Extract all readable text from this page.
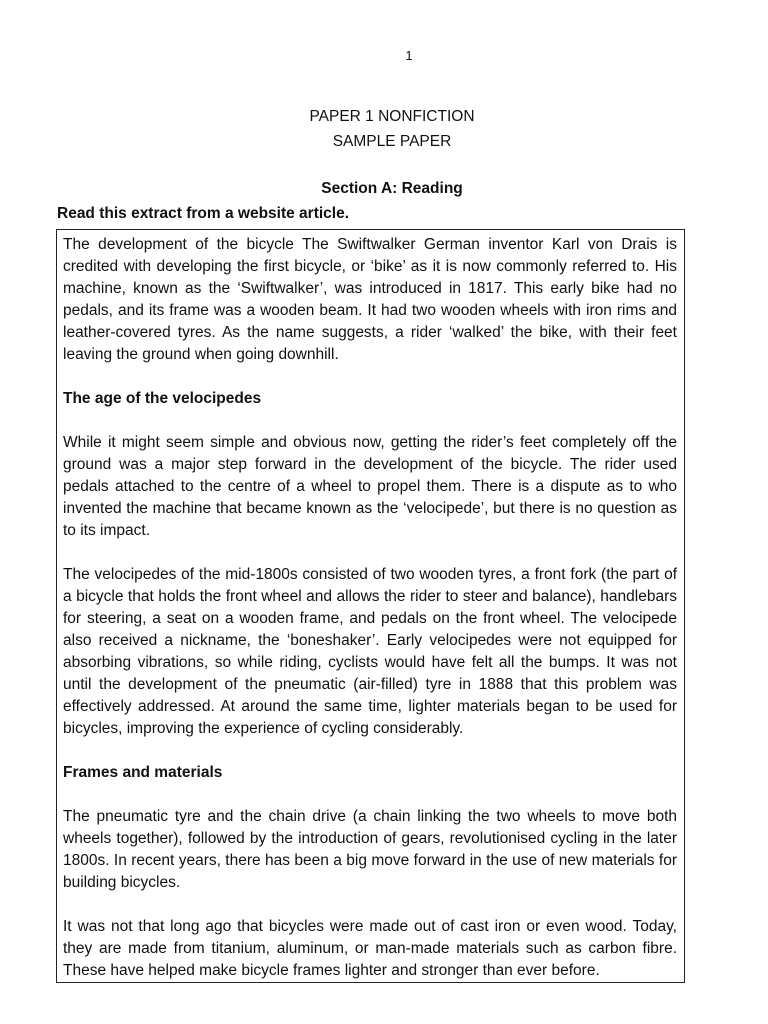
1
PAPER 1 NONFICTION
SAMPLE PAPER
Section A: Reading
Read this extract from a website article.

The development of the bicycle The Swiftwalker German inventor Karl von Drais is credited with developing the first bicycle, or ‘bike’ as it is now commonly referred to. His machine, known as the ‘Swiftwalker’, was introduced in 1817. This early bike had no pedals, and its frame was a wooden beam. It had two wooden wheels with iron rims and leather-covered tyres. As the name suggests, a rider ‘walked’ the bike, with their feet leaving the ground when going downhill.

The age of the velocipedes

While it might seem simple and obvious now, getting the rider’s feet completely off the ground was a major step forward in the development of the bicycle. The rider used pedals attached to the centre of a wheel to propel them. There is a dispute as to who invented the machine that became known as the ‘velocipede’, but there is no question as to its impact.

The velocipedes of the mid-1800s consisted of two wooden tyres, a front fork (the part of a bicycle that holds the front wheel and allows the rider to steer and balance), handlebars for steering, a seat on a wooden frame, and pedals on the front wheel. The velocipede also received a nickname, the ‘boneshaker’. Early velocipedes were not equipped for absorbing vibrations, so while riding, cyclists would have felt all the bumps. It was not until the development of the pneumatic (air-filled) tyre in 1888 that this problem was effectively addressed. At around the same time, lighter materials began to be used for bicycles, improving the experience of cycling considerably.

Frames and materials

The pneumatic tyre and the chain drive (a chain linking the two wheels to move both wheels together), followed by the introduction of gears, revolutionised cycling in the later 1800s. In recent years, there has been a big move forward in the use of new materials for building bicycles.

It was not that long ago that bicycles were made out of cast iron or even wood. Today, they are made from titanium, aluminum, or man-made materials such as carbon fibre. These have helped make bicycle frames lighter and stronger than ever before.
